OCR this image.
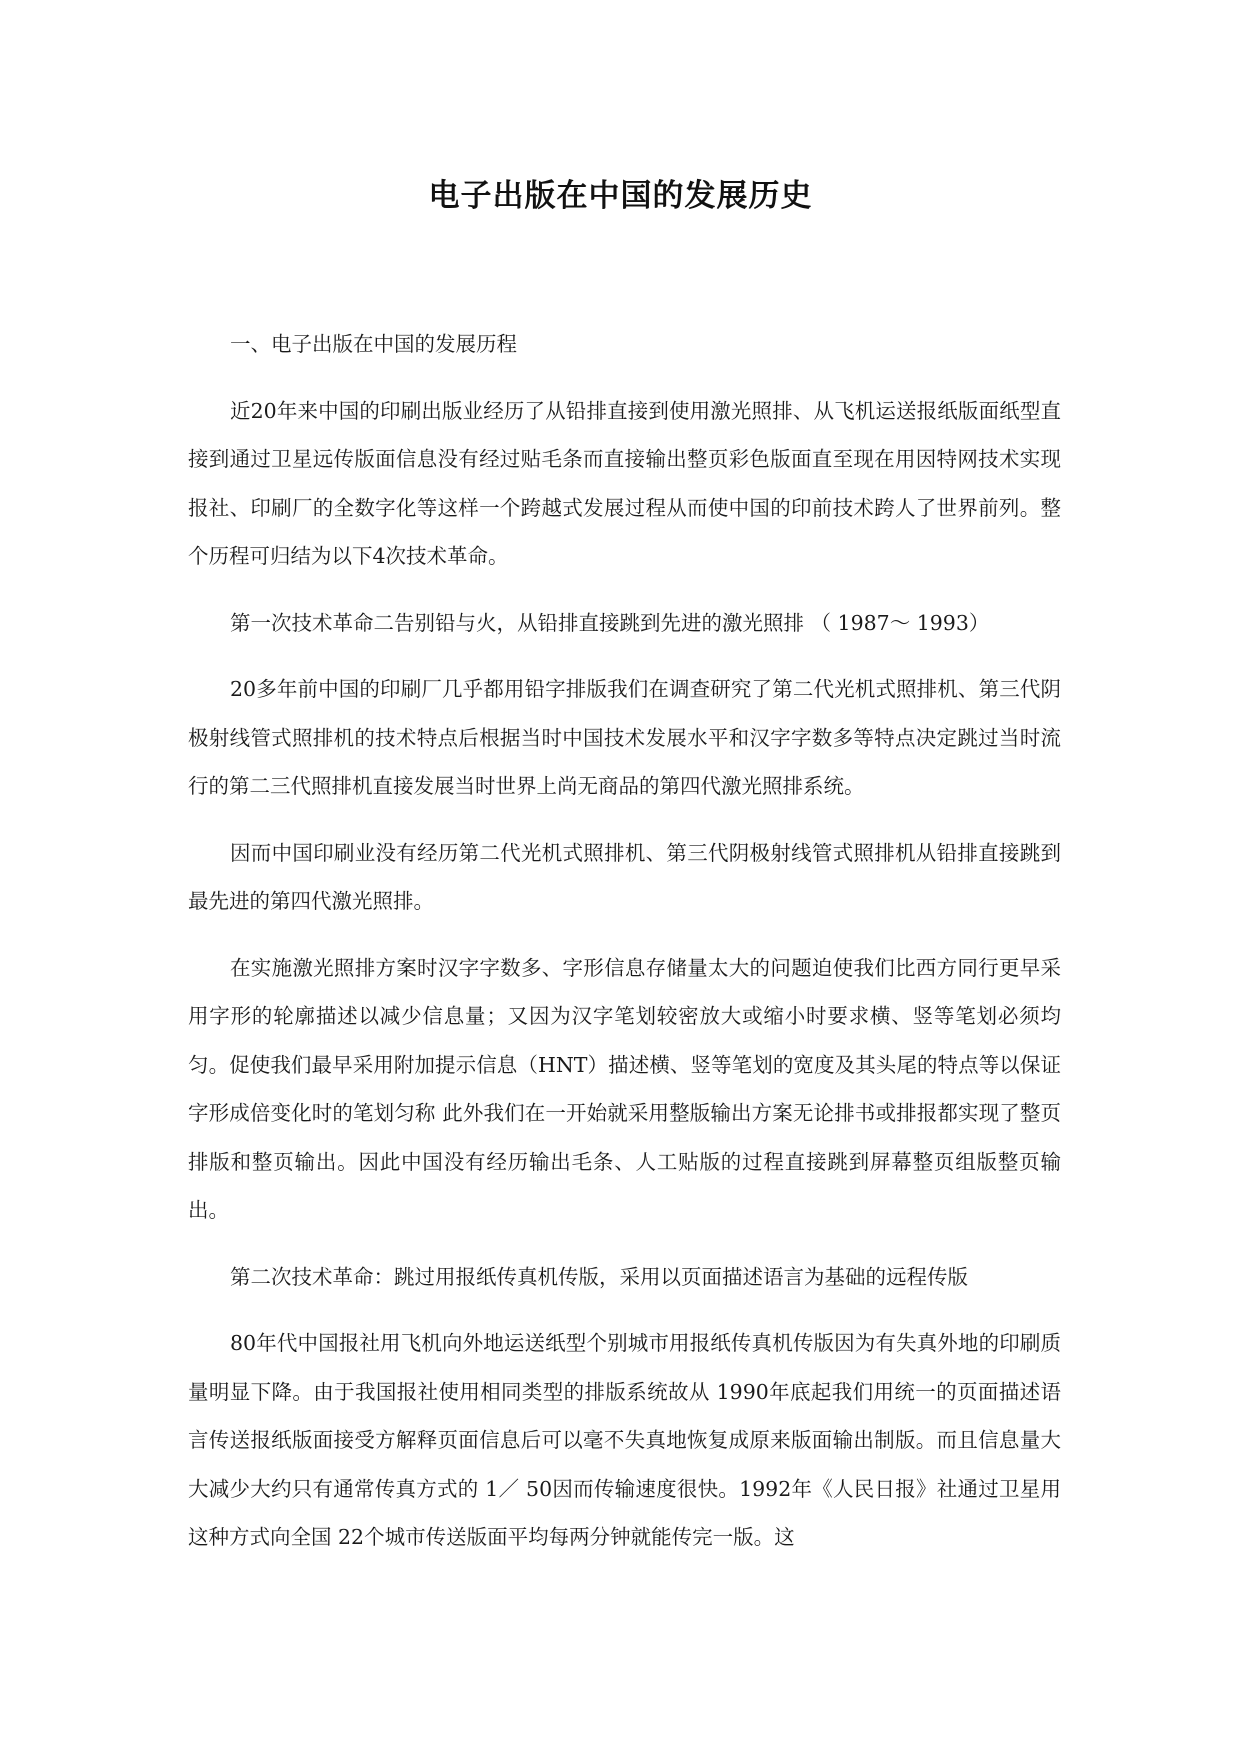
电子出版在中国的发展历史

一、电子出版在中国的发展历程

近20年来中国的印刷出版业经历了从铅排直接到使用激光照排、从飞机运送报纸版面纸型直接到通过卫星远传版面信息没有经过贴毛条而直接输出整页彩色版面直至现在用因特网技术实现报社、印刷厂的全数字化等这样一个跨越式发展过程从而使中国的印前技术跨人了世界前列。整个历程可归结为以下4次技术革命。

第一次技术革命二告别铅与火，从铅排直接跳到先进的激光照排 （ 1987～ 1993）

20多年前中国的印刷厂几乎都用铅字排版我们在调查研究了第二代光机式照排机、第三代阴极射线管式照排机的技术特点后根据当时中国技术发展水平和汉字字数多等特点决定跳过当时流行的第二三代照排机直接发展当时世界上尚无商品的第四代激光照排系统。

因而中国印刷业没有经历第二代光机式照排机、第三代阴极射线管式照排机从铅排直接跳到最先进的第四代激光照排。

在实施激光照排方案时汉字字数多、字形信息存储量太大的问题迫使我们比西方同行更早采用字形的轮廓描述以减少信息量；又因为汉字笔划较密放大或缩小时要求横、竖等笔划必须均匀。促使我们最早采用附加提示信息（HNT）描述横、竖等笔划的宽度及其头尾的特点等以保证字形成倍变化时的笔划匀称 此外我们在一开始就采用整版输出方案无论排书或排报都实现了整页排版和整页输出。因此中国没有经历输出毛条、人工贴版的过程直接跳到屏幕整页组版整页输出。

第二次技术革命：跳过用报纸传真机传版，采用以页面描述语言为基础的远程传版

80年代中国报社用飞机向外地运送纸型个别城市用报纸传真机传版因为有失真外地的印刷质量明显下降。由于我国报社使用相同类型的排版系统故从 1990年底起我们用统一的页面描述语言传送报纸版面接受方解释页面信息后可以毫不失真地恢复成原来版面输出制版。而且信息量大大减少大约只有通常传真方式的 1／ 50因而传输速度很快。1992年《人民日报》社通过卫星用这种方式向全国 22个城市传送版面平均每两分钟就能传完一版。这
